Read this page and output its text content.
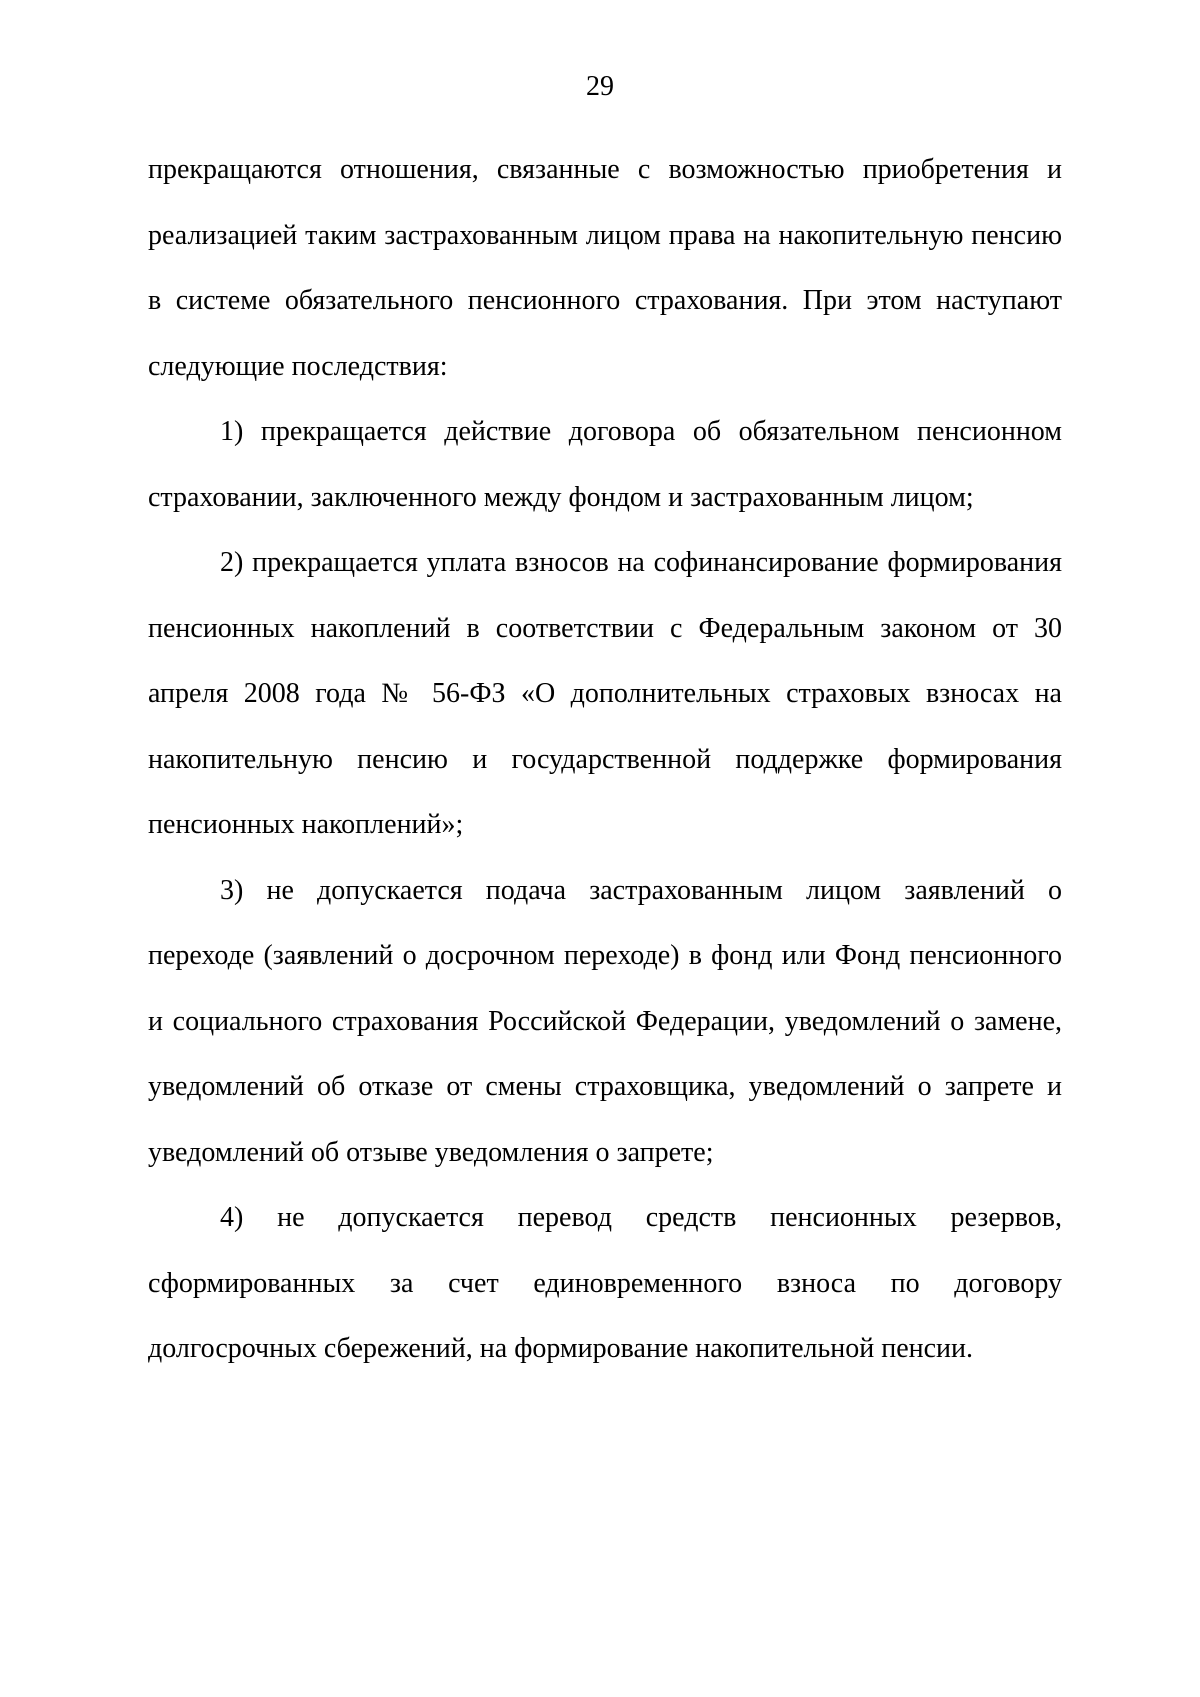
29

прекращаются отношения, связанные с возможностью приобретения и реализацией таким застрахованным лицом права на накопительную пенсию в системе обязательного пенсионного страхования. При этом наступают следующие последствия:

1) прекращается действие договора об обязательном пенсионном страховании, заключенного между фондом и застрахованным лицом;

2) прекращается уплата взносов на софинансирование формирования пенсионных накоплений в соответствии с Федеральным законом от 30 апреля 2008 года № 56-ФЗ «О дополнительных страховых взносах на накопительную пенсию и государственной поддержке формирования пенсионных накоплений»;

3) не допускается подача застрахованным лицом заявлений о переходе (заявлений о досрочном переходе) в фонд или Фонд пенсионного и социального страхования Российской Федерации, уведомлений о замене, уведомлений об отказе от смены страховщика, уведомлений о запрете и уведомлений об отзыве уведомления о запрете;

4) не допускается перевод средств пенсионных резервов, сформированных за счет единовременного взноса по договору долгосрочных сбережений, на формирование накопительной пенсии.
